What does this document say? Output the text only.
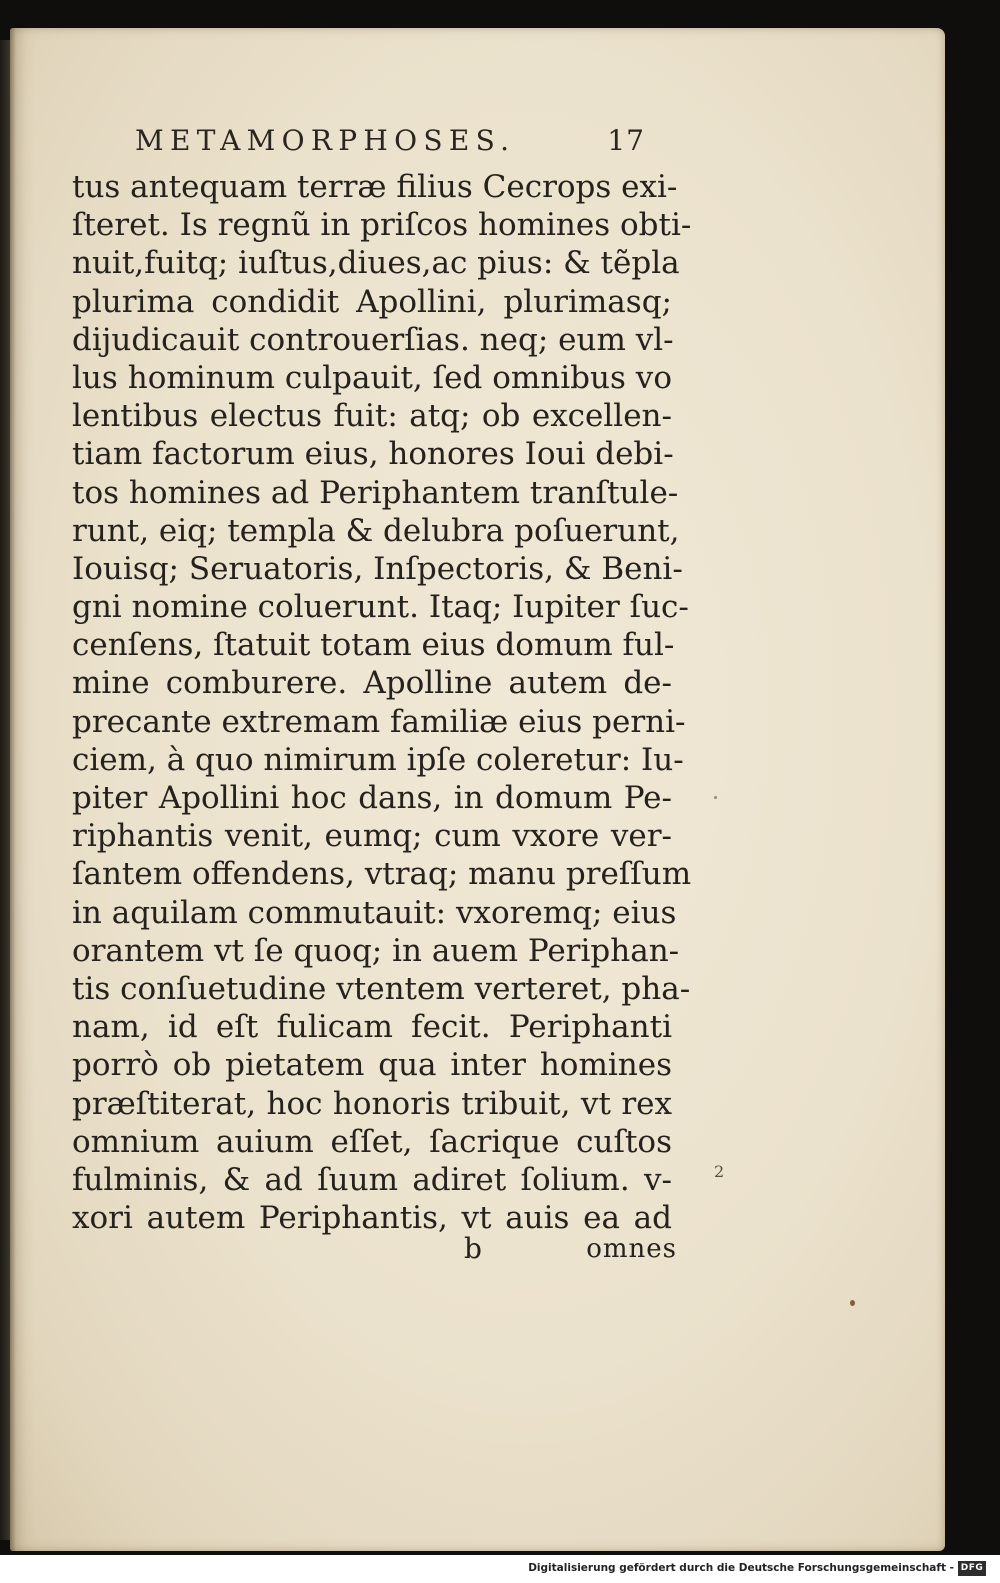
METAMORPHOSES.	17
tus antequam terræ filius Cecrops exi-
ſteret. Is regnũ in priſcos homines obti-
nuit,fuitq; iuſtus,diues,ac pius: & tẽpla
plurima condidit Apollini, plurimasq;
dijudicauit controuerſias. neq; eum vl-
lus hominum culpauit, ſed omnibus vo
lentibus electus fuit: atq; ob excellen-
tiam factorum eius, honores Ioui debi-
tos homines ad Periphantem tranſtule-
runt, eiq; templa & delubra poſuerunt,
Iouisq; Seruatoris, Inſpectoris, & Beni-
gni nomine coluerunt. Itaq; Iupiter ſuc-
cenſens, ſtatuit totam eius domum ful-
mine comburere. Apolline autem de-
precante extremam familiæ eius perni-
ciem, à quo nimirum ipſe coleretur: Iu-
piter Apollini hoc dans, in domum Pe-
riphantis venit, eumq; cum vxore ver-
ſantem offendens, vtraq; manu preſſum
in aquilam commutauit: vxoremq; eius
orantem vt ſe quoq; in auem Periphan-
tis conſuetudine vtentem verteret, pha-
nam, id eſt fulicam fecit. Periphanti
porrò ob pietatem qua inter homines
præſtiterat, hoc honoris tribuit, vt rex
omnium auium eſſet, ſacrique cuſtos
fulminis, & ad ſuum adiret ſolium. v-
xori autem Periphantis, vt auis ea ad
b	omnes
2
Digitalisierung gefördert durch die Deutsche Forschungsgemeinschaft - DFG
